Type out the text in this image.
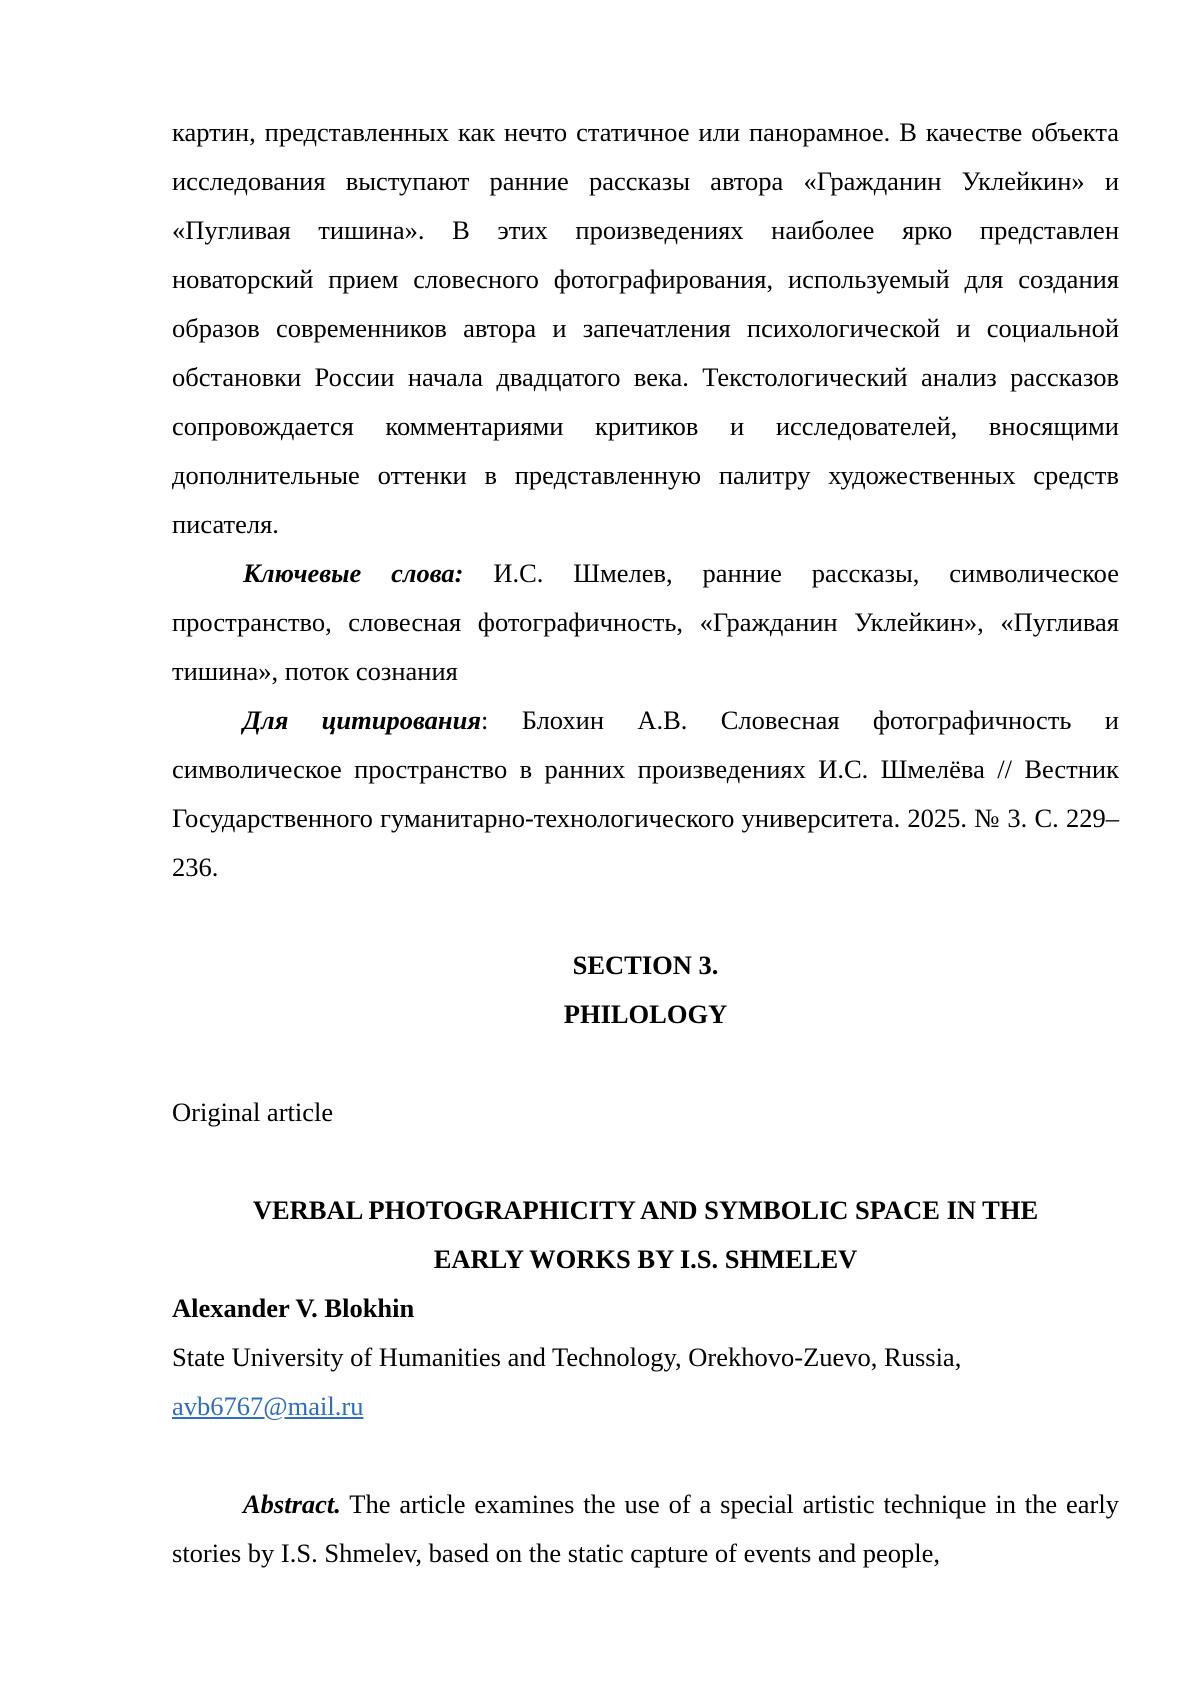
картин, представленных как нечто статичное или панорамное. В качестве объекта исследования выступают ранние рассказы автора «Гражданин Уклейкин» и «Пугливая тишина». В этих произведениях наиболее ярко представлен новаторский прием словесного фотографирования, используемый для создания образов современников автора и запечатления психологической и социальной обстановки России начала двадцатого века. Текстологический анализ рассказов сопровождается комментариями критиков и исследователей, вносящими дополнительные оттенки в представленную палитру художественных средств писателя.

Ключевые слова: И.С. Шмелев, ранние рассказы, символическое пространство, словесная фотографичность, «Гражданин Уклейкин», «Пугливая тишина», поток сознания

Для цитирования: Блохин А.В. Словесная фотографичность и символическое пространство в ранних произведениях И.С. Шмелёва // Вестник Государственного гуманитарно-технологического университета. 2025. № 3. С. 229–236.

SECTION 3.

PHILOLOGY

Original article

VERBAL PHOTOGRAPHICITY AND SYMBOLIC SPACE IN THE

EARLY WORKS BY I.S. SHMELEV

Alexander V. Blokhin

State University of Humanities and Technology, Orekhovo-Zuevo, Russia,

avb6767@mail.ru

Abstract. The article examines the use of a special artistic technique in the early stories by I.S. Shmelev, based on the static capture of events and people,
